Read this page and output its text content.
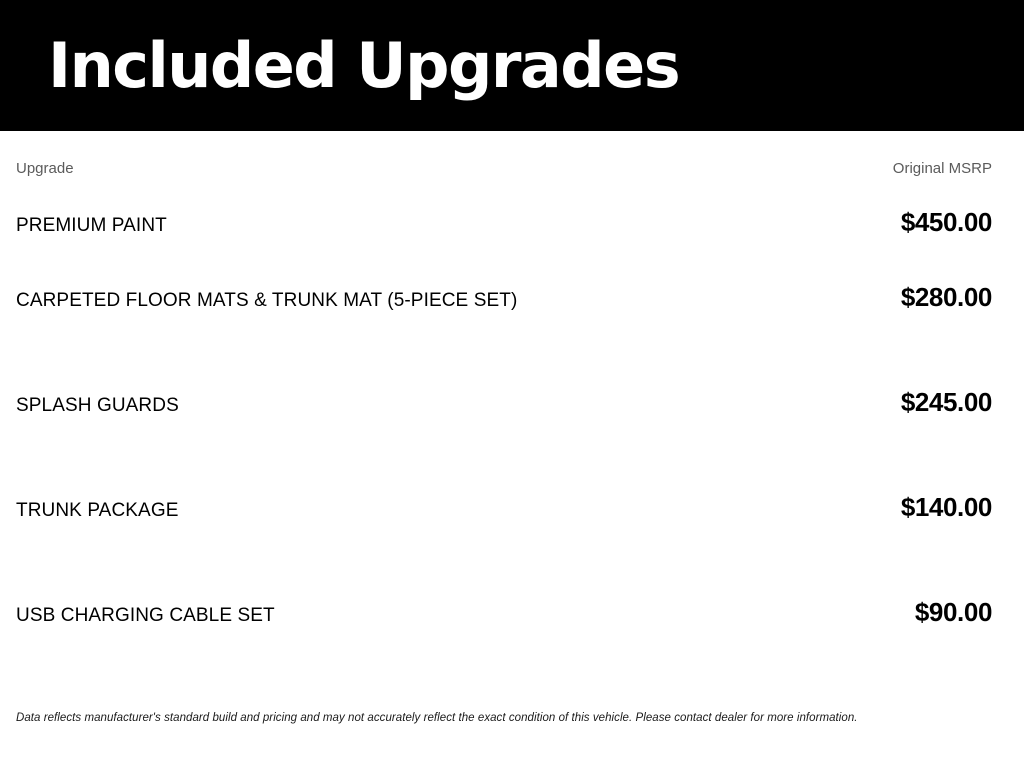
Included Upgrades
Upgrade	Original MSRP
PREMIUM PAINT	$450.00
CARPETED FLOOR MATS & TRUNK MAT (5-PIECE SET)	$280.00
SPLASH GUARDS	$245.00
TRUNK PACKAGE	$140.00
USB CHARGING CABLE SET	$90.00
Data reflects manufacturer's standard build and pricing and may not accurately reflect the exact condition of this vehicle. Please contact dealer for more information.
